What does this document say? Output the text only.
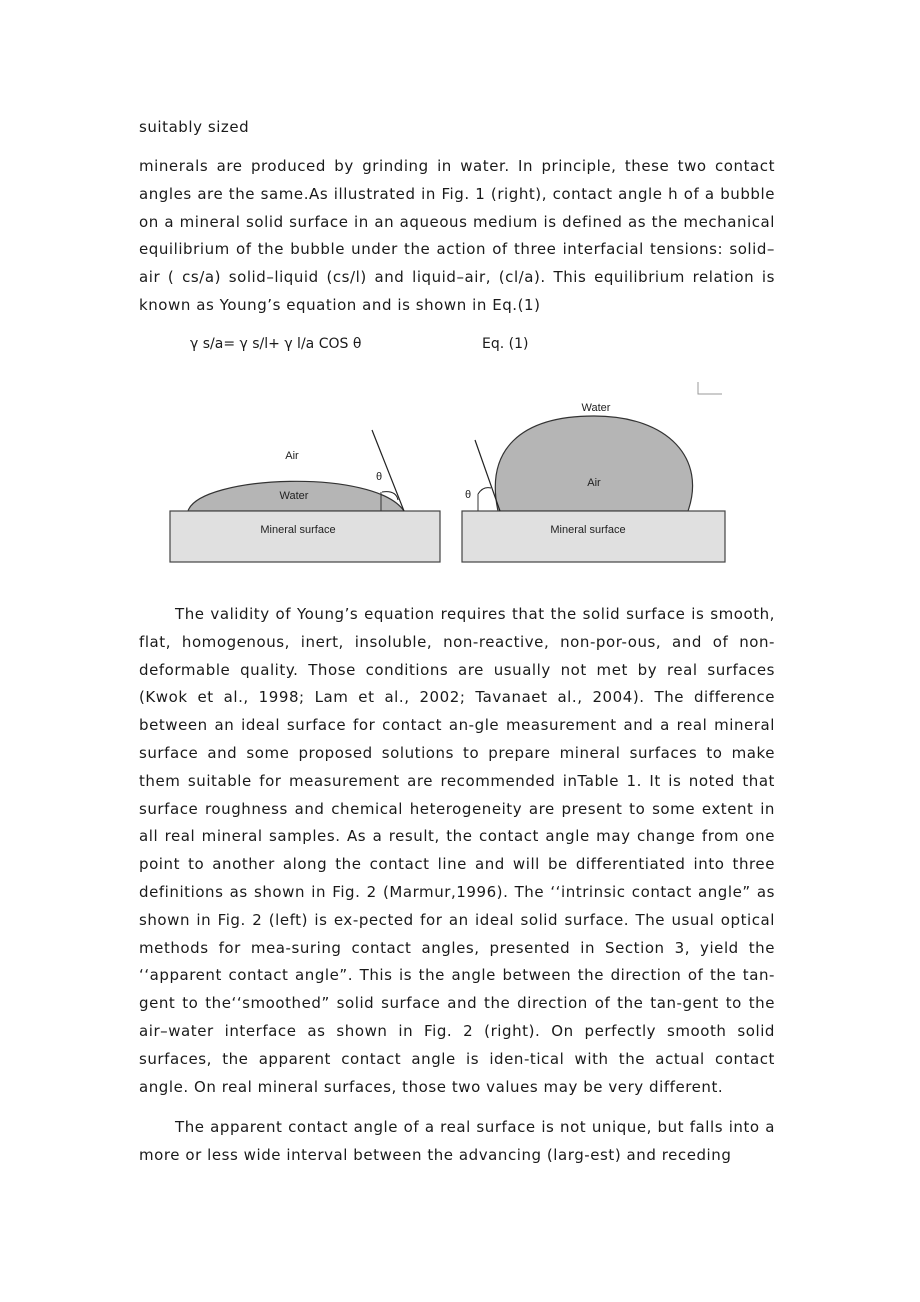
suitably sized

minerals are produced by grinding in water. In principle, these two contact angles are the same.As illustrated in Fig. 1 (right), contact angle h of a bubble on a mineral solid surface in an aqueous medium is defined as the mechanical equilibrium of the bubble under the action of three interfacial tensions: solid–air ( cs/a) solid–liquid (cs/l) and liquid–air, (cl/a). This equilibrium relation is known as Young’s equation and is shown in Eq.(1)

γ s/a= γ s/l+ γ l/a COS θ	Eq. (1)
Air
Water
θ
Mineral surface
Water
Air
θ
Mineral surface

The validity of Young’s equation requires that the solid surface is smooth, flat, homogenous, inert, insoluble, non-reactive, non-por-ous, and of non-deformable quality. Those conditions are usually not met by real surfaces (Kwok et al., 1998; Lam et al., 2002; Tavanaet al., 2004). The difference between an ideal surface for contact an-gle measurement and a real mineral surface and some proposed solutions to prepare mineral surfaces to make them suitable for measurement are recommended inTable 1. It is noted that surface roughness and chemical heterogeneity are present to some extent in all real mineral samples. As a result, the contact angle may change from one point to another along the contact line and will be differentiated into three definitions as shown in Fig. 2 (Marmur,1996). The ‘‘intrinsic contact angle” as shown in Fig. 2 (left) is ex-pected for an ideal solid surface. The usual optical methods for mea-suring contact angles, presented in Section 3, yield the ‘‘apparent contact angle”. This is the angle between the direction of the tan-gent to the‘‘smoothed” solid surface and the direction of the tan-gent to the air–water interface as shown in Fig. 2 (right). On perfectly smooth solid surfaces, the apparent contact angle is iden-tical with the actual contact angle. On real mineral surfaces, those two values may be very different.

The apparent contact angle of a real surface is not unique, but falls into a more or less wide interval between the advancing (larg-est) and receding
